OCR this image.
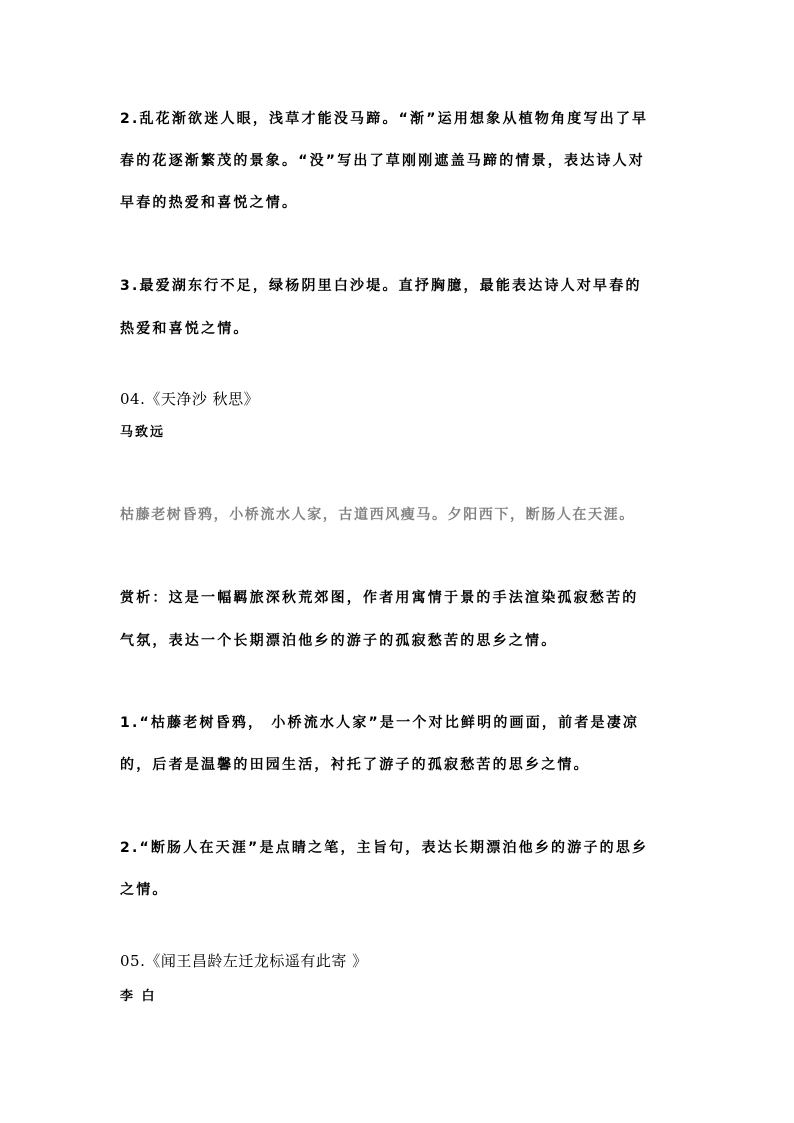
2.乱花渐欲迷人眼，浅草才能没马蹄。“渐”运用想象从植物角度写出了早
春的花逐渐繁茂的景象。“没”写出了草刚刚遮盖马蹄的情景，表达诗人对
早春的热爱和喜悦之情。
3.最爱湖东行不足，绿杨阴里白沙堤。直抒胸臆，最能表达诗人对早春的
热爱和喜悦之情。
04.《天净沙 秋思》
马致远
枯藤老树昏鸦，小桥流水人家，古道西风瘦马。夕阳西下，断肠人在天涯。
赏析：这是一幅羁旅深秋荒郊图，作者用寓情于景的手法渲染孤寂愁苦的
气氛，表达一个长期漂泊他乡的游子的孤寂愁苦的思乡之情。
1.“枯藤老树昏鸦， 小桥流水人家”是一个对比鲜明的画面，前者是凄凉
的，后者是温馨的田园生活，衬托了游子的孤寂愁苦的思乡之情。
2.“断肠人在天涯”是点睛之笔，主旨句，表达长期漂泊他乡的游子的思乡
之情。
05.《闻王昌龄左迁龙标遥有此寄 》
李 白
